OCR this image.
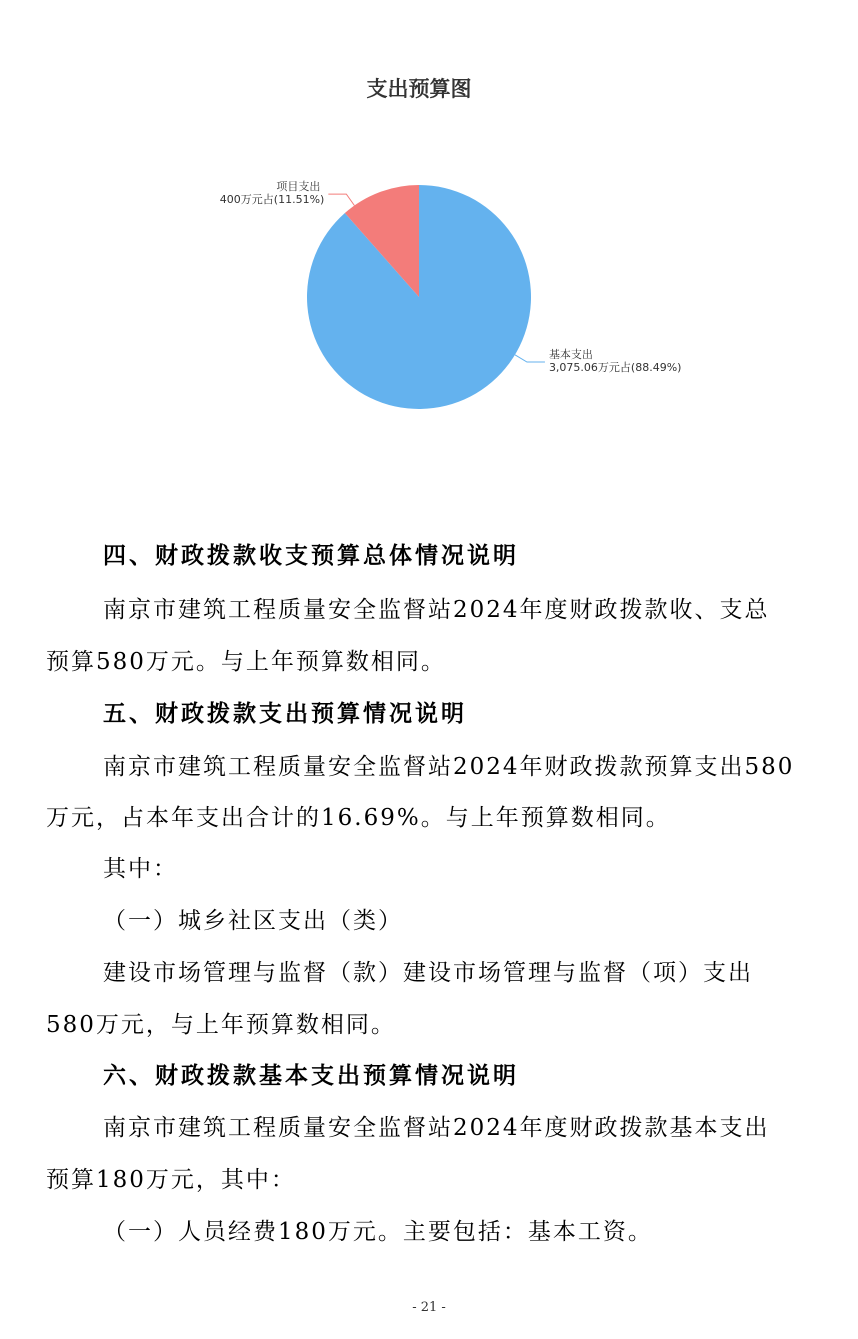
支出预算图
基本支出
3,075.06万元占(88.49%)
项目支出
400万元占(11.51%)
四、财政拨款收支预算总体情况说明
南京市建筑工程质量安全监督站2024年度财政拨款收、支总
预算580万元。与上年预算数相同。
五、财政拨款支出预算情况说明
南京市建筑工程质量安全监督站2024年财政拨款预算支出580
万元，占本年支出合计的16.69%。与上年预算数相同。
其中：
（一）城乡社区支出（类）
建设市场管理与监督（款）建设市场管理与监督（项）支出
580万元，与上年预算数相同。
六、财政拨款基本支出预算情况说明
南京市建筑工程质量安全监督站2024年度财政拨款基本支出
预算180万元，其中：
（一）人员经费180万元。主要包括：基本工资。
- 21 -
